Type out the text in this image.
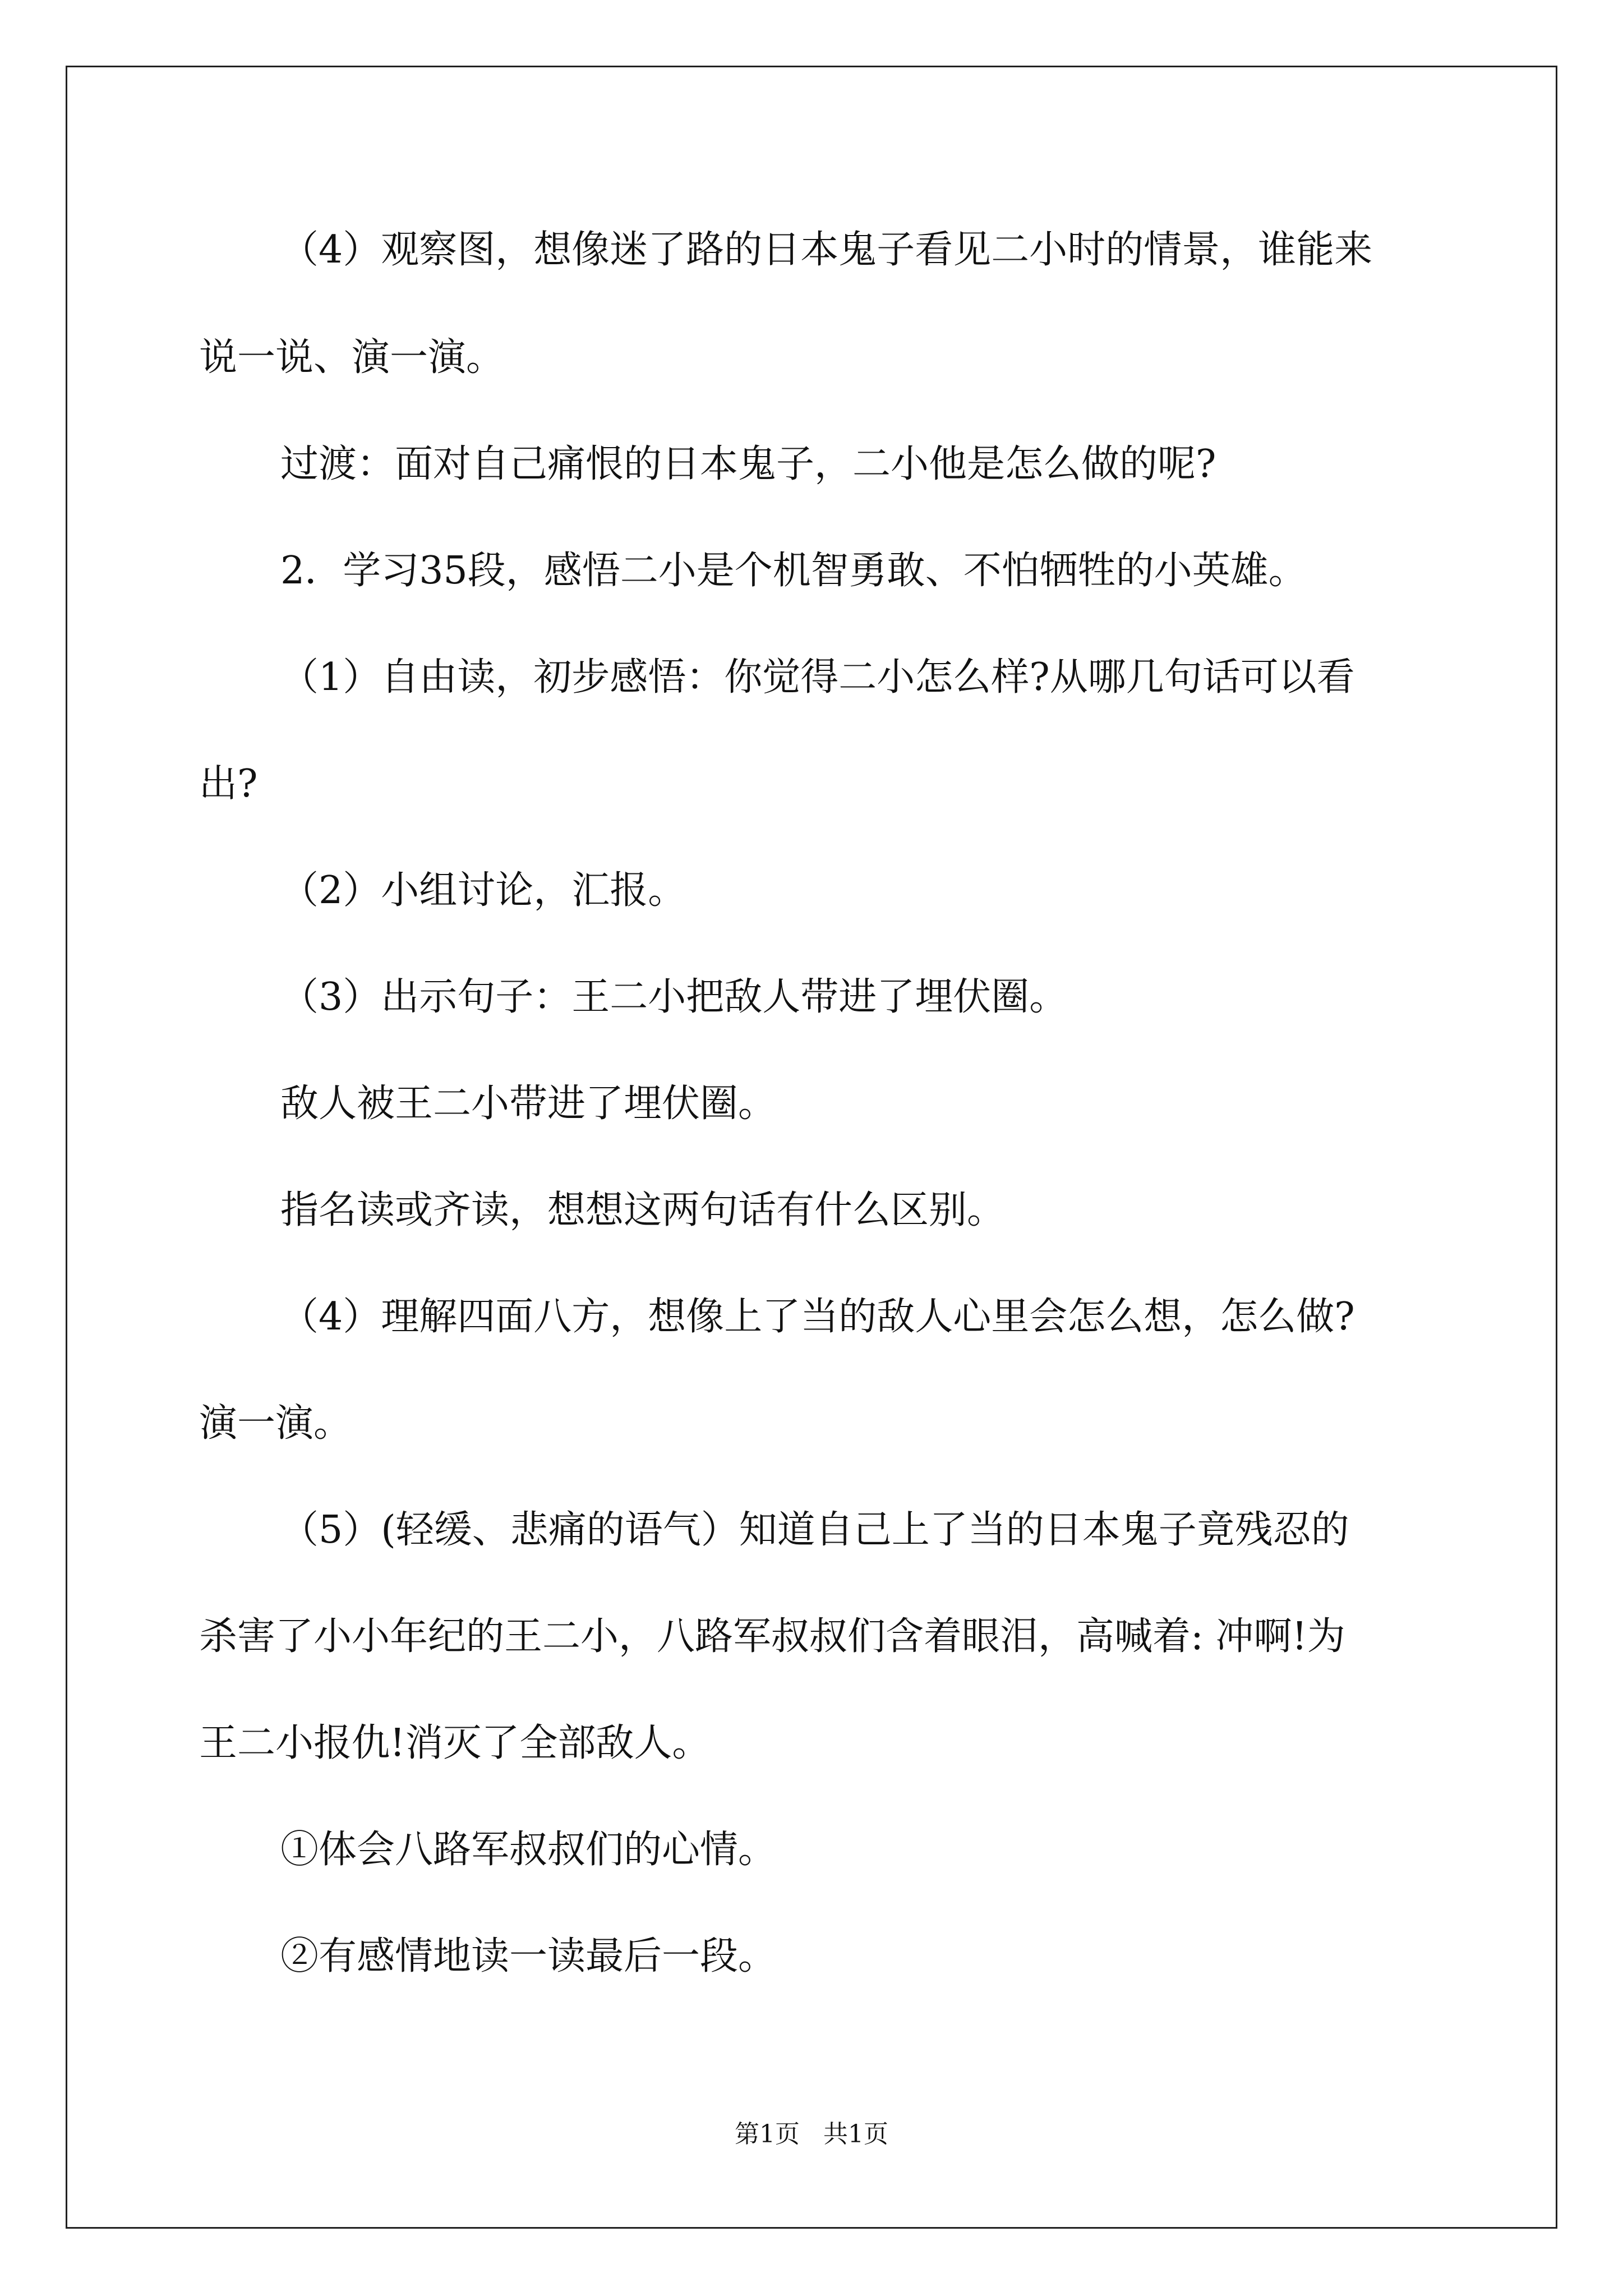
（4）观察图，想像迷了路的日本鬼子看见二小时的情景，谁能来
说一说、演一演。
过渡：面对自己痛恨的日本鬼子，二小他是怎么做的呢?
2．学习35段，感悟二小是个机智勇敢、不怕牺牲的小英雄。
（1）自由读，初步感悟：你觉得二小怎么样?从哪几句话可以看
出?
（2）小组讨论，汇报。
（3）出示句子：王二小把敌人带进了埋伏圈。
敌人被王二小带进了埋伏圈。
指名读或齐读，想想这两句话有什么区别。
（4）理解四面八方，想像上了当的敌人心里会怎么想，怎么做?
演一演。
（5）(轻缓、悲痛的语气）知道自己上了当的日本鬼子竟残忍的
杀害了小小年纪的王二小，八路军叔叔们含着眼泪，高喊着: 冲啊!为
王二小报仇!消灭了全部敌人。
①体会八路军叔叔们的心情。
②有感情地读一读最后一段。
第1页   共1页
